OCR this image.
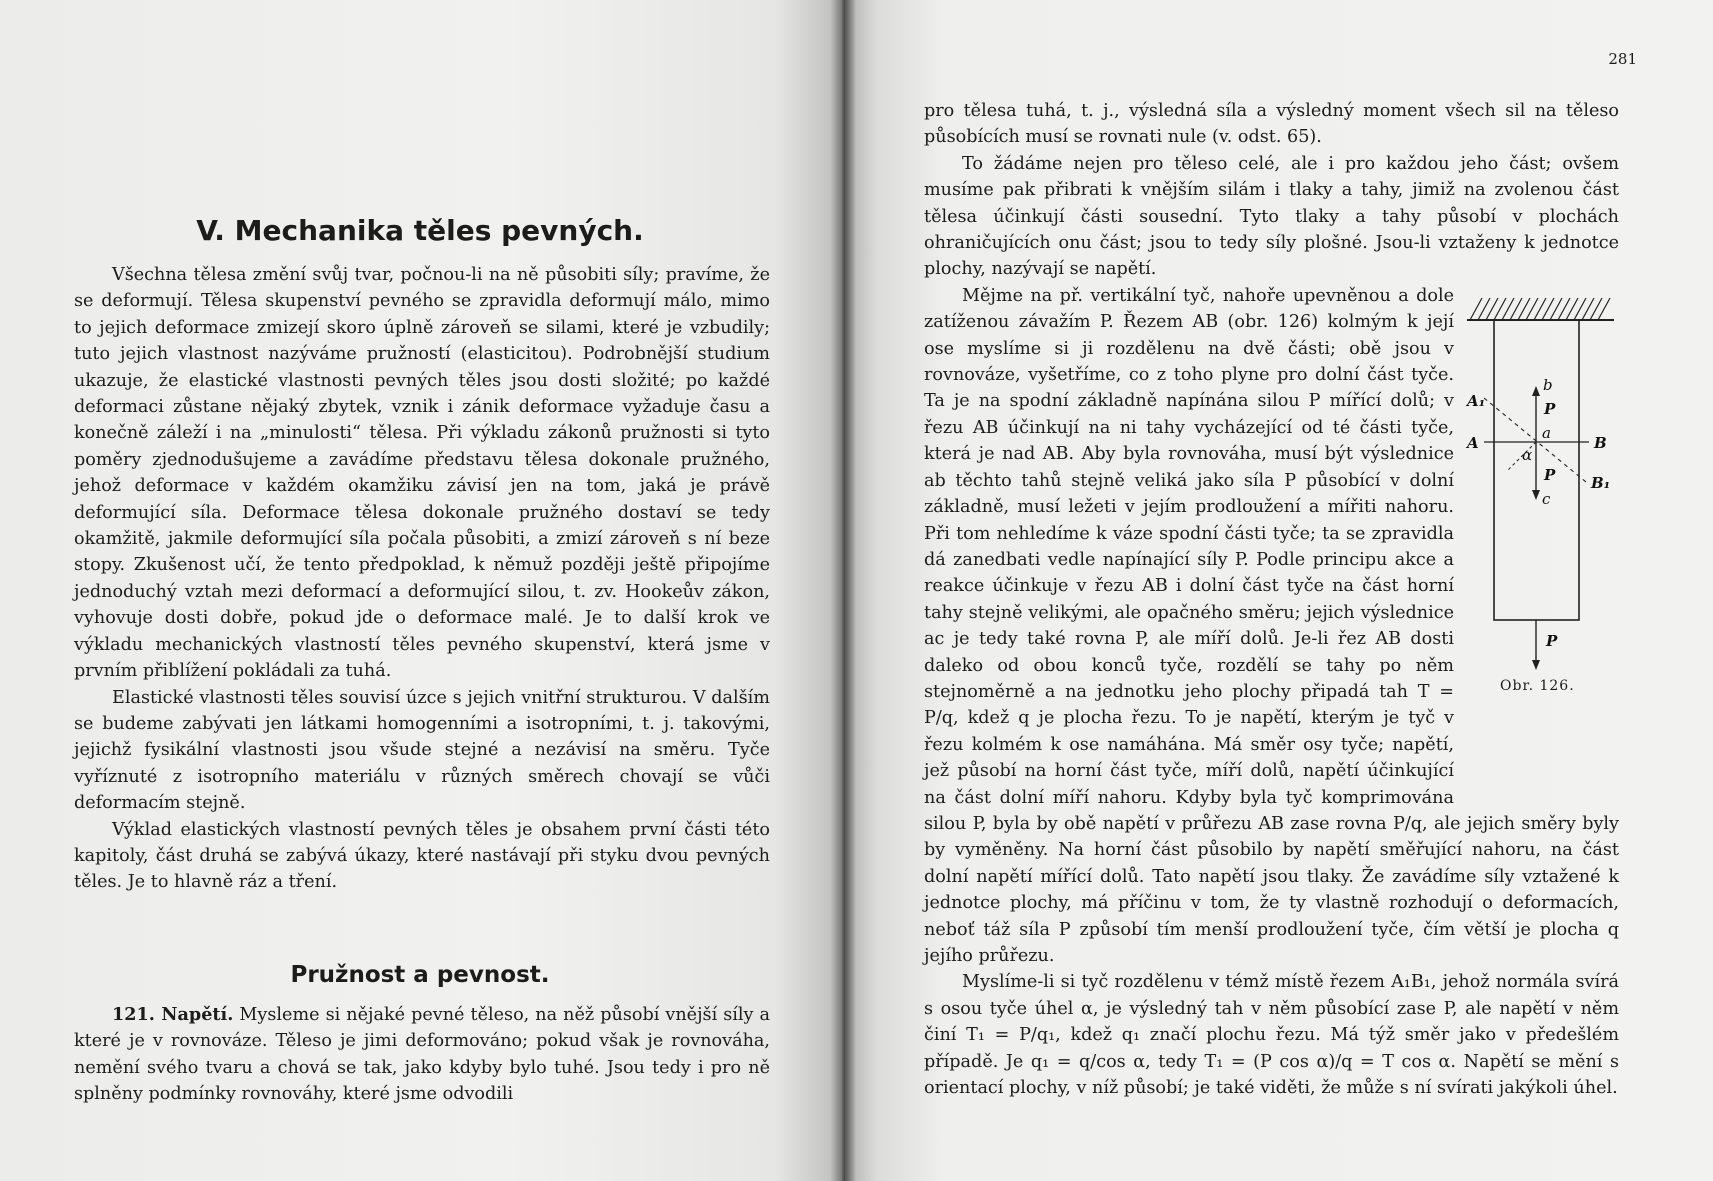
V. Mechanika těles pevných.

Všechna tělesa změní svůj tvar, počnou-li na ně působiti síly; pravíme, že se deformují. Tělesa skupenství pevného se zpravidla deformují málo, mimo to jejich deformace zmizejí skoro úplně zároveň se silami, které je vzbudily; tuto jejich vlastnost nazýváme pružností (elasticitou). Podrobnější studium ukazuje, že elastické vlastnosti pevných těles jsou dosti složité; po každé deformaci zůstane nějaký zbytek, vznik i zánik deformace vyžaduje času a konečně záleží i na „minulosti“ tělesa. Při výkladu zákonů pružnosti si tyto poměry zjednodušujeme a zavádíme představu tělesa dokonale pružného, jehož deformace v každém okamžiku závisí jen na tom, jaká je právě deformující síla. Deformace tělesa dokonale pružného dostaví se tedy okamžitě, jakmile deformující síla počala působiti, a zmizí zároveň s ní beze stopy. Zkušenost učí, že tento předpoklad, k němuž později ještě připojíme jednoduchý vztah mezi deformací a deformující silou, t. zv. Hookeův zákon, vyhovuje dosti dobře, pokud jde o deformace malé. Je to další krok ve výkladu mechanických vlastností těles pevného skupenství, která jsme v prvním přiblížení pokládali za tuhá.

Elastické vlastnosti těles souvisí úzce s jejich vnitřní strukturou. V dalším se budeme zabývati jen látkami homogenními a isotropními, t. j. takovými, jejichž fysikální vlastnosti jsou všude stejné a nezávisí na směru. Tyče vyříznuté z isotropního materiálu v různých směrech chovají se vůči deformacím stejně.

Výklad elastických vlastností pevných těles je obsahem první části této kapitoly, část druhá se zabývá úkazy, které nastávají při styku dvou pevných těles. Je to hlavně ráz a tření.

Pružnost a pevnost.

121. Napětí. Mysleme si nějaké pevné těleso, na něž působí vnější síly a které je v rovnováze. Těleso je jimi deformováno; pokud však je rovnováha, nemění svého tvaru a chová se tak, jako kdyby bylo tuhé. Jsou tedy i pro ně splněny podmínky rovnováhy, které jsme odvodili

281

pro tělesa tuhá, t. j., výsledná síla a výsledný moment všech sil na těleso působících musí se rovnati nule (v. odst. 65).

To žádáme nejen pro těleso celé, ale i pro každou jeho část; ovšem musíme pak přibrati k vnějším silám i tlaky a tahy, jimiž na zvolenou část tělesa účinkují části sousední. Tyto tlaky a tahy působí v plochách ohraničujících onu část; jsou to tedy síly plošné. Jsou-li vztaženy k jednotce plochy, nazývají se napětí.

Mějme na př. vertikální tyč, nahoře upevněnou a dole zatíženou závažím P. Řezem AB (obr. 126) kolmým k její ose myslíme si ji rozdělenu na dvě části; obě jsou v rovnováze, vyšetříme, co z toho plyne pro dolní část tyče. Ta je na spodní základně napínána silou P mířící dolů; v řezu AB účinkují na ni tahy vycházející od té části tyče, která je nad AB. Aby byla rovnováha, musí být výslednice ab těchto tahů stejně veliká jako síla P působící v dolní základně, musí ležeti v jejím prodloužení a mířiti nahoru. Při tom nehledíme k váze spodní části tyče; ta se zpravidla dá zanedbati vedle napínající síly P. Podle principu akce a reakce účinkuje v řezu AB i dolní část tyče na část horní tahy stejně velikými, ale opačného směru; jejich výslednice ac je tedy také rovna P, ale míří dolů. Je-li řez AB dosti daleko od obou konců tyče, rozdělí se tahy po něm stejnoměrně a na jednotku jeho plochy připadá tah T = P/q, kdež q je plocha řezu. To je napětí, kterým je tyč v řezu kolmém k ose namáhána. Má směr osy tyče; napětí, jež působí na horní část tyče, míří dolů, napětí účinkující na část dolní míří nahoru. Kdyby byla tyč komprimována silou P, byla by obě napětí v průřezu AB zase rovna P/q, ale jejich směry byly by vyměněny. Na horní část působilo by napětí směřující nahoru, na část dolní napětí mířící dolů. Tato napětí jsou tlaky. Že zavádíme síly vztažené k jednotce plochy, má příčinu v tom, že ty vlastně rozhodují o deformacích, neboť táž síla P způsobí tím menší prodloužení tyče, čím větší je plocha q jejího průřezu.

Myslíme-li si tyč rozdělenu v témž místě řezem A₁B₁, jehož normála svírá s osou tyče úhel α, je výsledný tah v něm působící zase P, ale napětí v něm činí T₁ = P/q₁, kdež q₁ značí plochu řezu. Má týž směr jako v předešlém případě. Je q₁ = q/cos α, tedy T₁ = (P cos α)/q = T cos α. Napětí se mění s orientací plochy, v níž působí; je také viděti, že může s ní svírati jakýkoli úhel.

A₁
A	B
B₁
b
P
a
α
P
c
P
Obr. 126.
